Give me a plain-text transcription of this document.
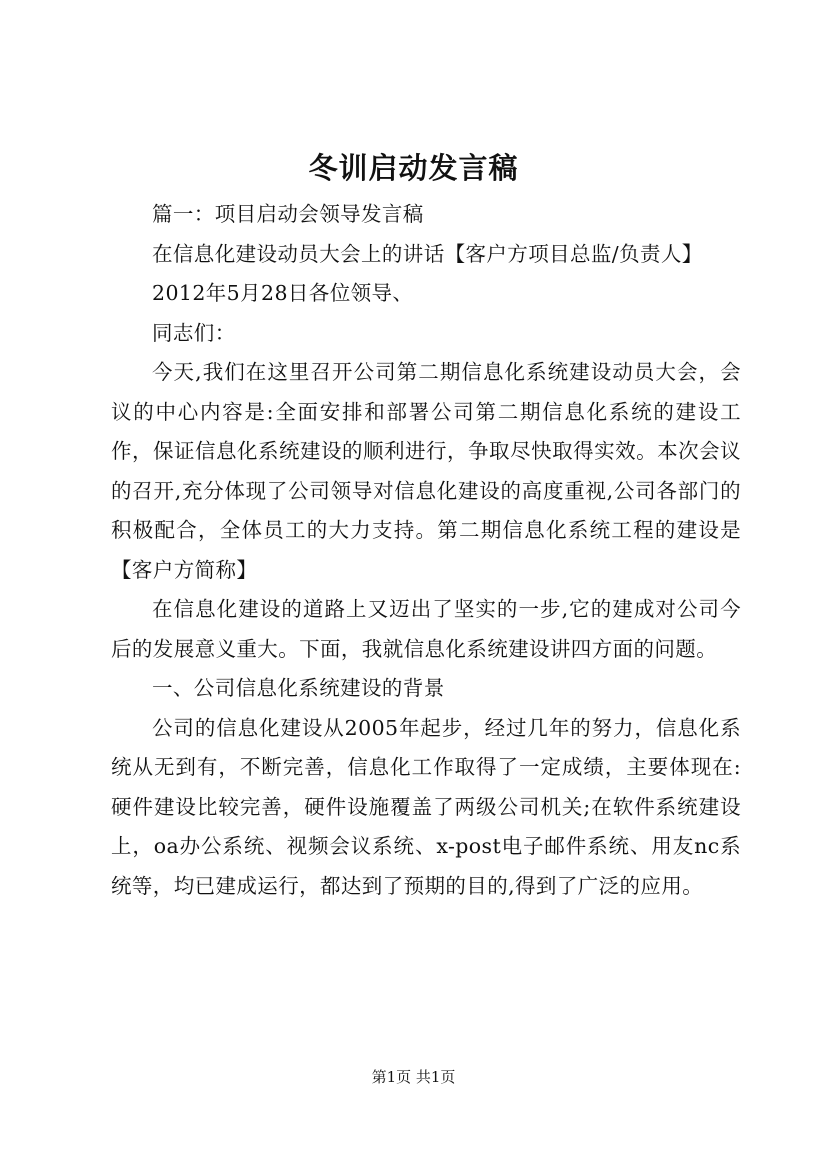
冬训启动发言稿

篇一：项目启动会领导发言稿

在信息化建设动员大会上的讲话【客户方项目总监/负责人】

2012年5月28日各位领导、

同志们：

今天,我们在这里召开公司第二期信息化系统建设动员大会，会议的中心内容是:全面安排和部署公司第二期信息化系统的建设工作，保证信息化系统建设的顺利进行，争取尽快取得实效。本次会议的召开,充分体现了公司领导对信息化建设的高度重视,公司各部门的积极配合，全体员工的大力支持。第二期信息化系统工程的建设是【客户方简称】

在信息化建设的道路上又迈出了坚实的一步,它的建成对公司今后的发展意义重大。下面，我就信息化系统建设讲四方面的问题。

一、公司信息化系统建设的背景

公司的信息化建设从2005年起步，经过几年的努力，信息化系统从无到有，不断完善，信息化工作取得了一定成绩，主要体现在:硬件建设比较完善，硬件设施覆盖了两级公司机关;在软件系统建设上，oa办公系统、视频会议系统、x-post电子邮件系统、用友nc系统等，均已建成运行，都达到了预期的目的,得到了广泛的应用。

第1页 共1页
